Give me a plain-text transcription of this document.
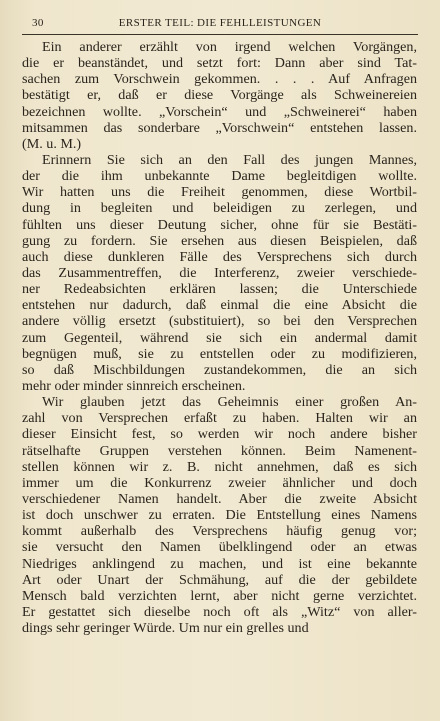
30	ERSTER TEIL: DIE FEHLLEISTUNGEN
Ein anderer erzählt von irgend welchen Vorgängen,
die er beanständet, und setzt fort: Dann aber sind Tat-
sachen zum Vorschwein gekommen. . . . Auf Anfragen
bestätigt er, daß er diese Vorgänge als Schweinereien
bezeichnen wollte. „Vorschein“ und „Schweinerei“ haben
mitsammen das sonderbare „Vorschwein“ entstehen lassen.
(M. u. M.)
Erinnern Sie sich an den Fall des jungen Mannes,
der die ihm unbekannte Dame begleitdigen wollte.
Wir hatten uns die Freiheit genommen, diese Wortbil-
dung in begleiten und beleidigen zu zerlegen, und
fühlten uns dieser Deutung sicher, ohne für sie Bestäti-
gung zu fordern. Sie ersehen aus diesen Beispielen, daß
auch diese dunkleren Fälle des Versprechens sich durch
das Zusammentreffen, die Interferenz, zweier verschiede-
ner Redeabsichten erklären lassen; die Unterschiede
entstehen nur dadurch, daß einmal die eine Absicht die
andere völlig ersetzt (substituiert), so bei den Versprechen
zum Gegenteil, während sie sich ein andermal damit
begnügen muß, sie zu entstellen oder zu modifizieren,
so daß Mischbildungen zustandekommen, die an sich
mehr oder minder sinnreich erscheinen.
Wir glauben jetzt das Geheimnis einer großen An-
zahl von Versprechen erfaßt zu haben. Halten wir an
dieser Einsicht fest, so werden wir noch andere bisher
rätselhafte Gruppen verstehen können. Beim Namenent-
stellen können wir z. B. nicht annehmen, daß es sich
immer um die Konkurrenz zweier ähnlicher und doch
verschiedener Namen handelt. Aber die zweite Absicht
ist doch unschwer zu erraten. Die Entstellung eines Namens
kommt außerhalb des Versprechens häufig genug vor;
sie versucht den Namen übelklingend oder an etwas
Niedriges anklingend zu machen, und ist eine bekannte
Art oder Unart der Schmähung, auf die der gebildete
Mensch bald verzichten lernt, aber nicht gerne verzichtet.
Er gestattet sich dieselbe noch oft als „Witz“ von aller-
dings sehr geringer Würde. Um nur ein grelles und
